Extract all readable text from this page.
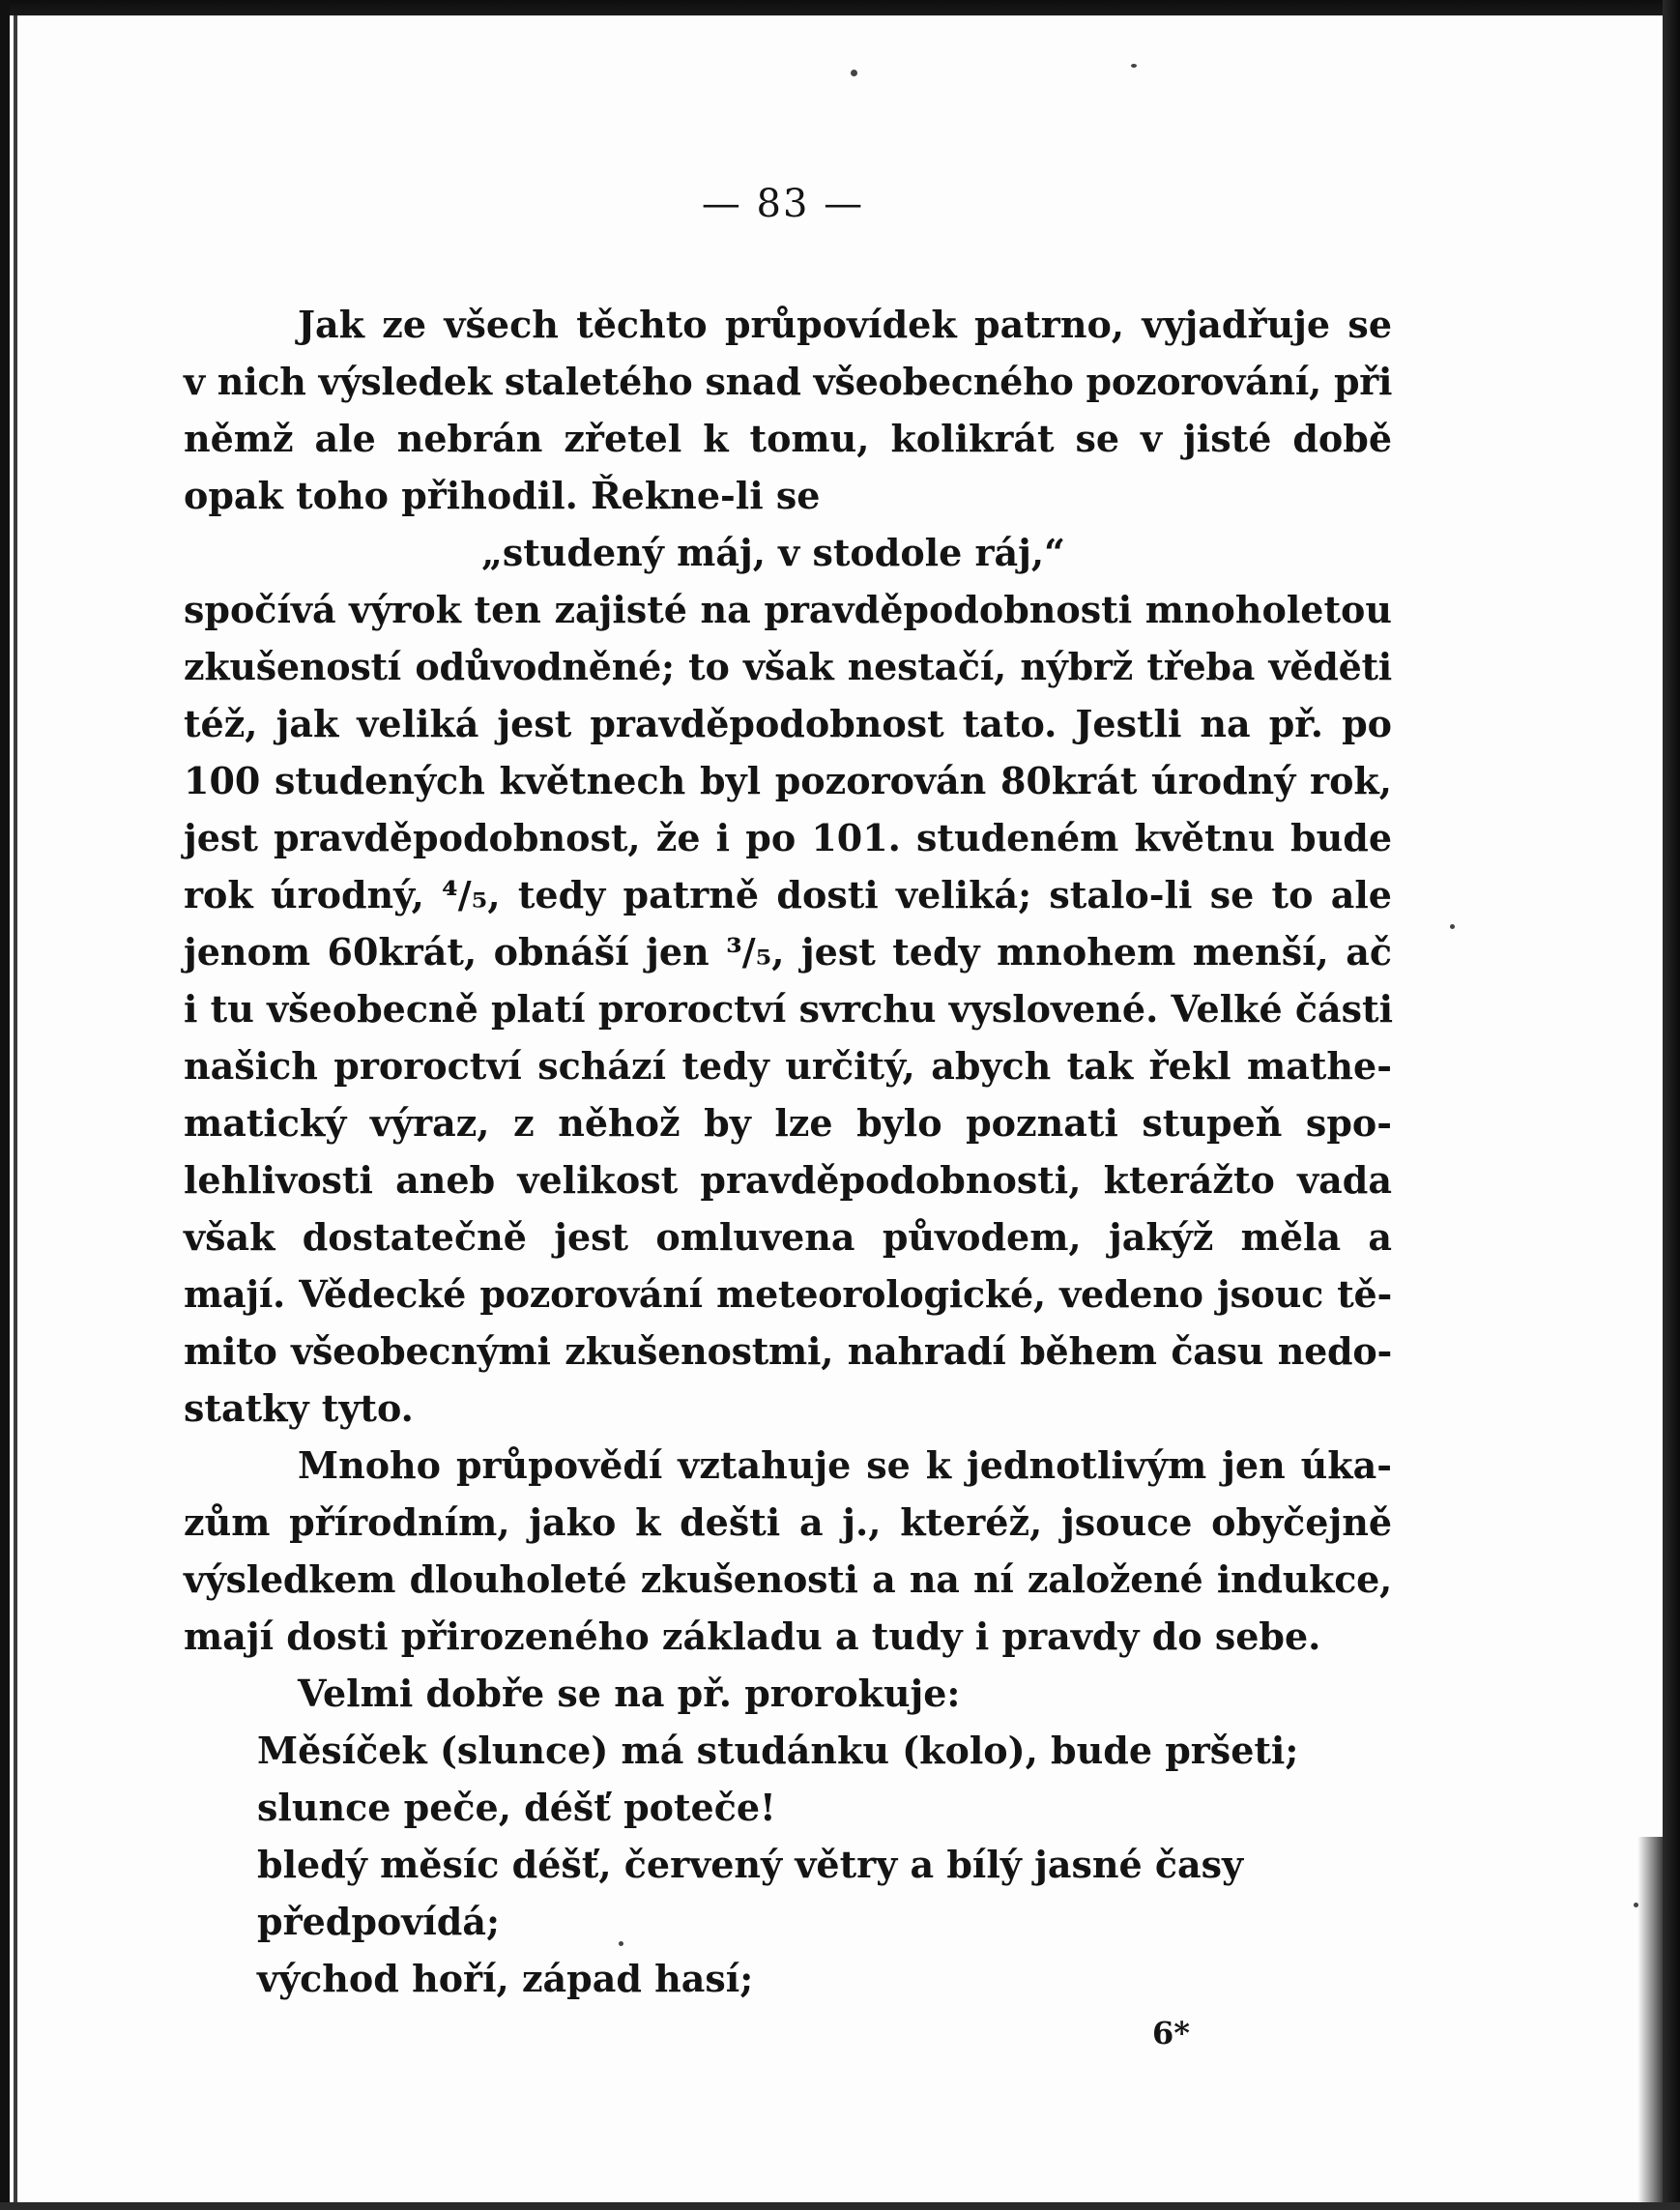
— 83 —
Jak ze všech těchto průpovídek patrno, vyjadřuje se
v nich výsledek staletého snad všeobecného pozorování, při
němž ale nebrán zřetel k tomu, kolikrát se v jisté době
opak toho přihodil. Řekne-li se
„studený máj, v stodole ráj,“
spočívá výrok ten zajisté na pravděpodobnosti mnoholetou
zkušeností odůvodněné; to však nestačí, nýbrž třeba věděti
též, jak veliká jest pravděpodobnost tato. Jestli na př. po
100 studených květnech byl pozorován 80krát úrodný rok,
jest pravděpodobnost, že i po 101. studeném květnu bude
rok úrodný, ⁴/₅, tedy patrně dosti veliká; stalo-li se to ale
jenom 60krát, obnáší jen ³/₅, jest tedy mnohem menší, ač
i tu všeobecně platí proroctví svrchu vyslovené. Velké části
našich proroctví schází tedy určitý, abych tak řekl mathe-
matický výraz, z něhož by lze bylo poznati stupeň spo-
lehlivosti aneb velikost pravděpodobnosti, kterážto vada
však dostatečně jest omluvena původem, jakýž měla a
mají. Vědecké pozorování meteorologické, vedeno jsouc tě-
mito všeobecnými zkušenostmi, nahradí během času nedo-
statky tyto.
Mnoho průpovědí vztahuje se k jednotlivým jen úka-
zům přírodním, jako k dešti a j., kteréž, jsouce obyčejně
výsledkem dlouholeté zkušenosti a na ní založené indukce,
mají dosti přirozeného základu a tudy i pravdy do sebe.
Velmi dobře se na př. prorokuje:
Měsíček (slunce) má studánku (kolo), bude pršeti;
slunce peče, déšť poteče!
bledý měsíc déšť, červený větry a bílý jasné časy
předpovídá;
východ hoří, západ hasí;
6*
